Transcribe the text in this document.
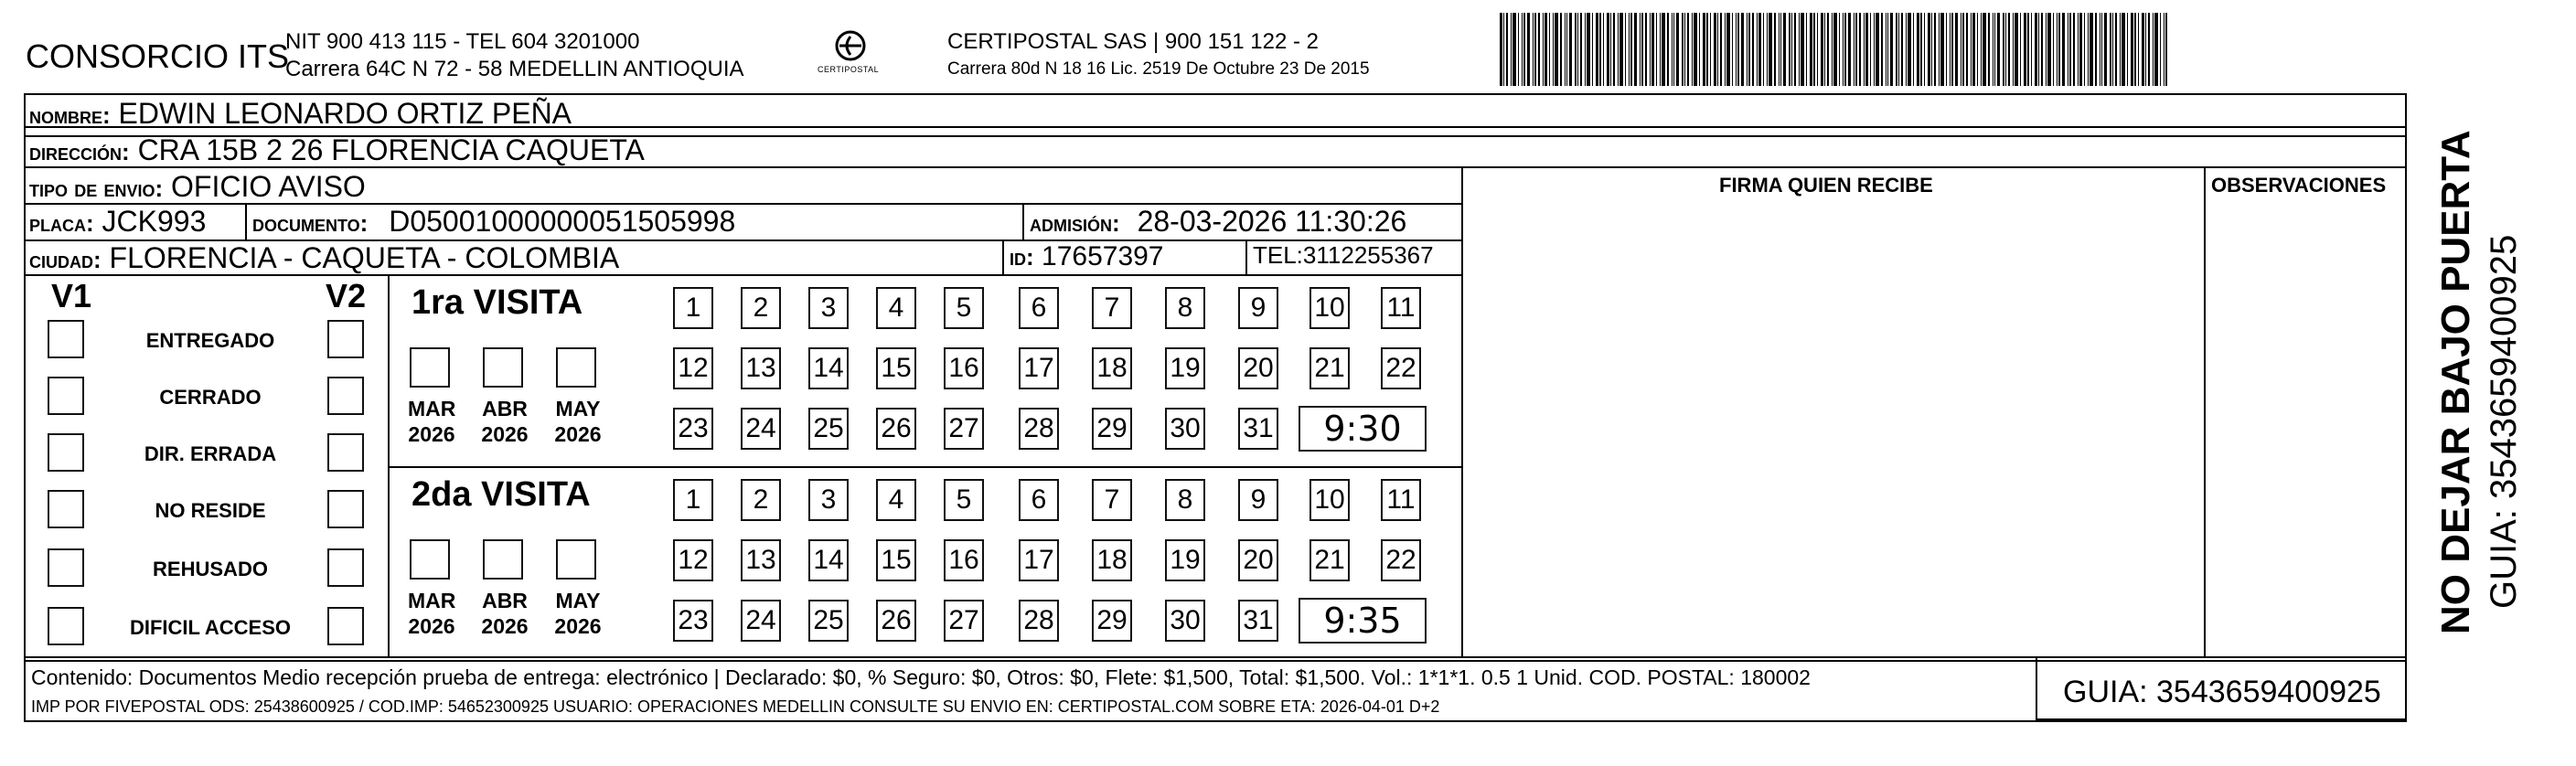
CONSORCIO ITS
NIT 900 413 115 - TEL 604 3201000
Carrera 64C N 72 - 58 MEDELLIN ANTIOQUIA	CERTIPOSTAL
CERTIPOSTAL SAS | 900 151 122 - 2
Carrera 80d N 18 16 Lic. 2519 De Octubre 23 De 2015
nombre: EDWIN LEONARDO ORTIZ PEÑA
dirección: CRA 15B 2 26 FLORENCIA CAQUETA
tipo de envio: OFICIO AVISO
placa: JCK993 documento: D05001000000051505998	admisión: 28-03-2026 11:30:26
ciudad: FLORENCIA - CAQUETA - COLOMBIA	id: 17657397	TEL:3112255367
FIRMA QUIEN RECIBE	OBSERVACIONES
V1	V2
ENTREGADO
CERRADO
DIR. ERRADA
NO RESIDE
REHUSADO
DIFICIL ACCESO
1ra VISITA
MAR
2026
ABR
2026
MAY
2026
1	2	3	4	5	6	7	8	9	10 11
12 13 14 15 16 17 18 19 20 21 22
23 24 25 26 27 28 29 30 31	9:30
2da VISITA
MAR
2026
ABR
2026
MAY
2026
1	2	3	4	5	6	7	8	9	10 11
12 13 14 15 16 17 18 19 20 21 22
23 24 25 26 27 28 29 30 31	9:35
Contenido: Documentos Medio recepción prueba de entrega: electrónico | Declarado: $0, % Seguro: $0, Otros: $0, Flete: $1,500, Total: $1,500. Vol.: 1*1*1. 0.5 1 Unid. COD. POSTAL: 180002
IMP POR FIVEPOSTAL ODS: 25438600925 / COD.IMP: 54652300925 USUARIO: OPERACIONES MEDELLIN CONSULTE SU ENVIO EN: CERTIPOSTAL.COM SOBRE ETA: 2026-04-01 D+2	GUIA: 3543659400925
NO DEJAR BAJO PUERTA GUIA: 3543659400925
